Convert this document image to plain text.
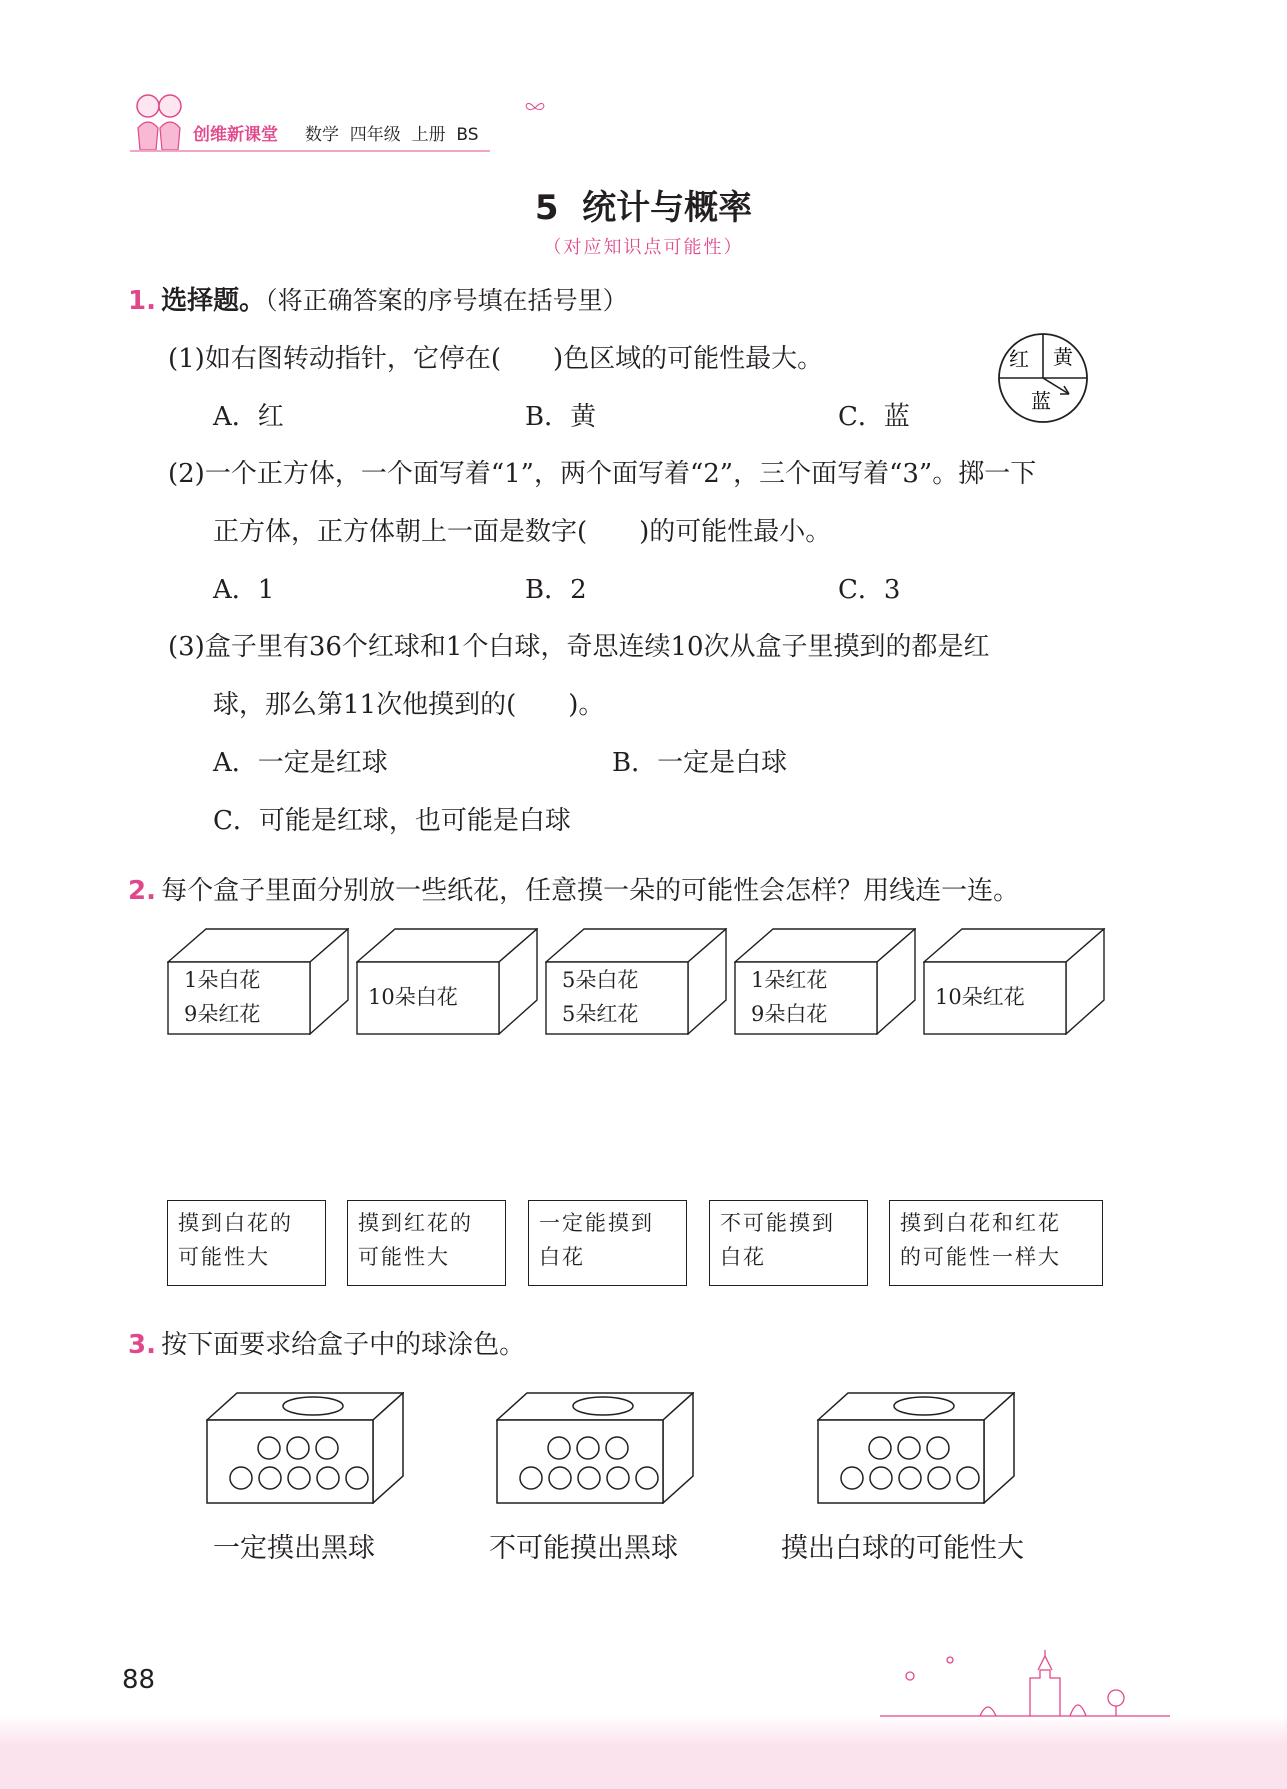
创维新课堂 数学  四年级  上册  BS
5  统计与概率
（对应知识点可能性）
1. 选择题。（将正确答案的序号填在括号里）
(1)如右图转动指针，它停在(　　)色区域的可能性最大。
A．红	B．黄	C．蓝
红 黄
蓝
(2)一个正方体，一个面写着“1”，两个面写着“2”，三个面写着“3”。掷一下
正方体，正方体朝上一面是数字(　　)的可能性最小。
A．1	B．2	C．3
(3)盒子里有36个红球和1个白球，奇思连续10次从盒子里摸到的都是红
球，那么第11次他摸到的(　　)。
A．一定是红球	B．一定是白球
C．可能是红球，也可能是白球
2. 每个盒子里面分别放一些纸花，任意摸一朵的可能性会怎样？用线连一连。
1朵白花
9朵红花
10朵白花
5朵白花
5朵红花
1朵红花
9朵白花
10朵红花
摸到白花的
可能性大
摸到红花的
可能性大
一定能摸到
白花
不可能摸到
白花
摸到白花和红花
的可能性一样大
3. 按下面要求给盒子中的球涂色。
一定摸出黑球	不可能摸出黑球	摸出白球的可能性大
88
